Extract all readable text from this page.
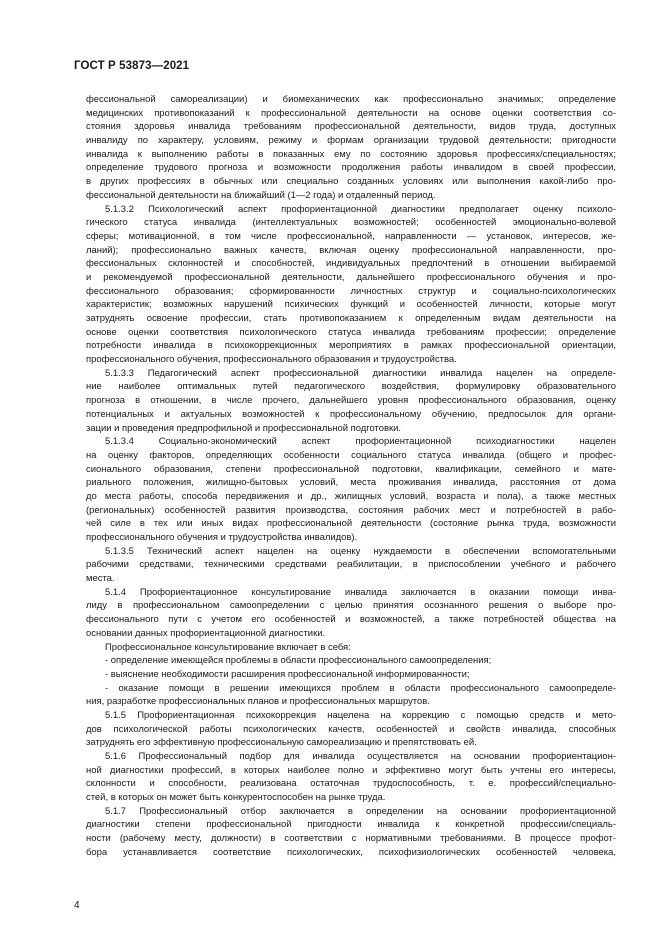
ГОСТ Р 53873—2021
фессиональной самореализации) и биомеханических как профессионально значимых; определение
медицинских противопоказаний к профессиональной деятельности на основе оценки соответствия со-
стояния здоровья инвалида требованиям профессиональной деятельности, видов труда, доступных
инвалиду по характеру, условиям, режиму и формам организации трудовой деятельности; пригодности
инвалида к выполнению работы в показанных ему по состоянию здоровья профессиях/специальностях;
определение трудового прогноза и возможности продолжения работы инвалидом в своей профессии,
в других профессиях в обычных или специально созданных условиях или выполнения какой-либо про-
фессиональной деятельности на ближайший (1—2 года) и отдаленный период.
5.1.3.2 Психологический аспект профориентационной диагностики предполагает оценку психоло-
гического статуса инвалида (интеллектуальных возможностей; особенностей эмоционально-волевой
сферы; мотивационной, в том числе профессиональной, направленности — установок, интересов, же-
ланий); профессионально важных качеств, включая оценку профессиональной направленности, про-
фессиональных склонностей и способностей, индивидуальных предпочтений в отношении выбираемой
и рекомендуемой профессиональной деятельности, дальнейшего профессионального обучения и про-
фессионального образования; сформированности личностных структур и социально-психологических
характеристик; возможных нарушений психических функций и особенностей личности, которые могут
затруднять освоение профессии, стать противопоказанием к определенным видам деятельности на
основе оценки соответствия психологического статуса инвалида требованиям профессии; определение
потребности инвалида в психокоррекционных мероприятиях в рамках профессиональной ориентации,
профессионального обучения, профессионального образования и трудоустройства.
5.1.3.3 Педагогический аспект профессиональной диагностики инвалида нацелен на определе-
ние наиболее оптимальных путей педагогического воздействия, формулировку образовательного
прогноза в отношении, в числе прочего, дальнейшего уровня профессионального образования, оценку
потенциальных и актуальных возможностей к профессиональному обучению, предпосылок для органи-
зации и проведения предпрофильной и профессиональной подготовки.
5.1.3.4 Социально-экономический аспект профориентационной психодиагностики нацелен
на оценку факторов, определяющих особенности социального статуса инвалида (общего и профес-
сионального образования, степени профессиональной подготовки, квалификации, семейного и мате-
риального положения, жилищно-бытовых условий, места проживания инвалида, расстояния от дома
до места работы, способа передвижения и др., жилищных условий, возраста и пола), а также местных
(региональных) особенностей развития производства, состояния рабочих мест и потребностей в рабо-
чей силе в тех или иных видах профессиональной деятельности (состояние рынка труда, возможности
профессионального обучения и трудоустройства инвалидов).
5.1.3.5 Технический аспект нацелен на оценку нуждаемости в обеспечении вспомогательными
рабочими средствами, техническими средствами реабилитации, в приспособлении учебного и рабочего
места.
5.1.4 Профориентационное консультирование инвалида заключается в оказании помощи инва-
лиду в профессиональном самоопределении с целью принятия осознанного решения о выборе про-
фессионального пути с учетом его особенностей и возможностей, а также потребностей общества на
основании данных профориентационной диагностики.
Профессиональное консультирование включает в себя:
- определение имеющейся проблемы в области профессионального самоопределения;
- выяснение необходимости расширения профессиональной информированности;
- оказание помощи в решении имеющихся проблем в области профессионального самоопределе-
ния, разработке профессиональных планов и профессиональных маршрутов.
5.1.5 Профориентационная психокоррекция нацелена на коррекцию с помощью средств и мето-
дов психологической работы психологических качеств, особенностей и свойств инвалида, способных
затруднять его эффективную профессиональную самореализацию и препятствовать ей.
5.1.6 Профессиональный подбор для инвалида осуществляется на основании профориентацион-
ной диагностики профессий, в которых наиболее полно и эффективно могут быть учтены его интересы,
склонности и способности, реализована остаточная трудоспособность, т. е. профессий/специально-
стей, в которых он может быть конкурентоспособен на рынке труда.
5.1.7 Профессиональный отбор заключается в определении на основании профориентационной
диагностики степени профессиональной пригодности инвалида к конкретной профессии/специаль-
ности (рабочему месту, должности) в соответствии с нормативными требованиями. В процессе профот-
бора устанавливается соответствие психологических, психофизиологических особенностей человека,
4
